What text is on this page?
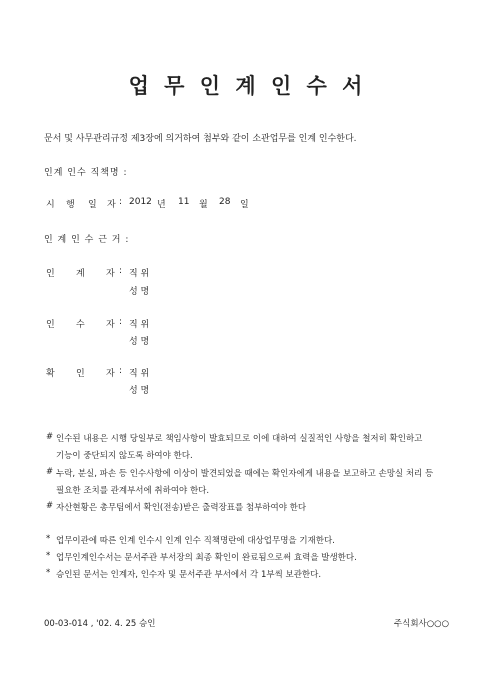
업 무 인 계 인 수 서
문서 및 사무관리규정 제3장에 의거하여 첨부와 같이 소관업무를 인계 인수한다.
인계 인수 직책명 :
시 행 일 자 : 2012 년 11 월 28 일
인 계 인 수 근 거 :
인 계 자 : 직 위
성 명
인 수 자 : 직 위
성 명
확 인 자 : 직 위
성 명
# 인수된 내용은 시행 당일부로 책임사항이 발효되므로 이에 대하여 실질적인 사항을 철저히 확인하고
기능이 중단되지 않도록 하여야 한다.
# 누락, 분실, 파손 등 인수사항에 이상이 발견되었을 때에는 확인자에게 내용을 보고하고 손망실 처리 등
필요한 조치를 관계부서에 취하여야 한다.
# 자산현황은 총무팀에서 확인(전송)받은 출력장표를 첨부하여야 한다
* 업무이관에 따른 인계 인수시 인계 인수 직책명란에 대상업무명을 기재한다.
* 업무인계인수서는 문서주관 부서장의 최종 확인이 완료됨으로써 효력을 발생한다.
* 승인된 문서는 인계자, 인수자 및 문서주관 부서에서 각 1부씩 보관한다.
00-03-014 , '02. 4. 25 승인	주식회사○○○
